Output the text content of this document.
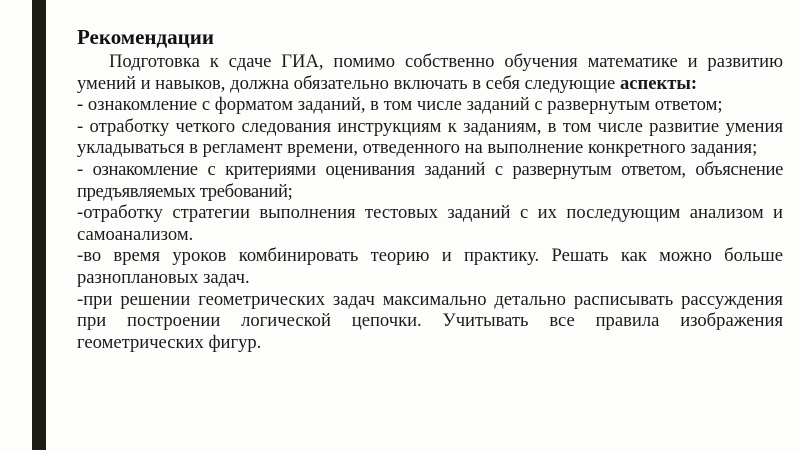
Рекомендации

Подготовка к сдаче ГИА, помимо собственно обучения математике и развитию умений и навыков, должна обязательно включать в себя следующие аспекты:

- ознакомление с форматом заданий, в том числе заданий с развернутым ответом;

- отработку четкого следования инструкциям к заданиям, в том числе развитие умения укладываться в регламент времени, отведенного на выполнение конкретного задания;

- ознакомление с критериями оценивания заданий с развернутым ответом, объяснение предъявляемых требований;

-отработку стратегии выполнения тестовых заданий с их последующим анализом и самоанализом.

-во время уроков комбинировать теорию и практику. Решать как можно больше разноплановых задач.

-при решении геометрических задач максимально детально расписывать рассуждения при построении логической цепочки. Учитывать все правила изображения геометрических фигур.
